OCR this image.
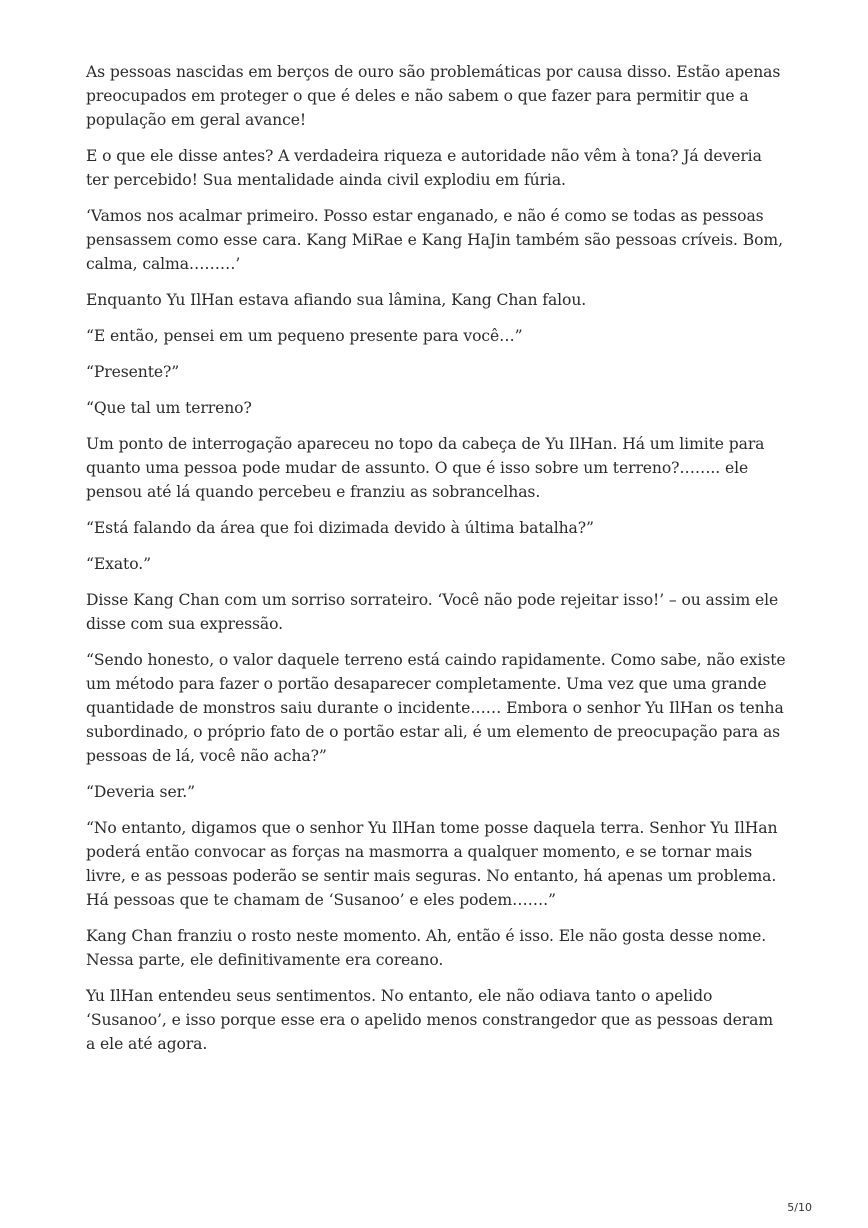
As pessoas nascidas em berços de ouro são problemáticas por causa disso. Estão apenas preocupados em proteger o que é deles e não sabem o que fazer para permitir que a população em geral avance!

E o que ele disse antes? A verdadeira riqueza e autoridade não vêm à tona? Já deveria ter percebido! Sua mentalidade ainda civil explodiu em fúria.

‘Vamos nos acalmar primeiro. Posso estar enganado, e não é como se todas as pessoas pensassem como esse cara. Kang MiRae e Kang HaJin também são pessoas críveis. Bom, calma, calma………’

Enquanto Yu IlHan estava afiando sua lâmina, Kang Chan falou.

“E então, pensei em um pequeno presente para você…”

“Presente?”

“Que tal um terreno?

Um ponto de interrogação apareceu no topo da cabeça de Yu IlHan. Há um limite para quanto uma pessoa pode mudar de assunto. O que é isso sobre um terreno?…….. ele pensou até lá quando percebeu e franziu as sobrancelhas.

“Está falando da área que foi dizimada devido à última batalha?”

“Exato.”

Disse Kang Chan com um sorriso sorrateiro. ‘Você não pode rejeitar isso!’ – ou assim ele disse com sua expressão.

“Sendo honesto, o valor daquele terreno está caindo rapidamente. Como sabe, não existe um método para fazer o portão desaparecer completamente. Uma vez que uma grande quantidade de monstros saiu durante o incidente…… Embora o senhor Yu IlHan os tenha subordinado, o próprio fato de o portão estar ali, é um elemento de preocupação para as pessoas de lá, você não acha?”

“Deveria ser.”

“No entanto, digamos que o senhor Yu IlHan tome posse daquela terra. Senhor Yu IlHan poderá então convocar as forças na masmorra a qualquer momento, e se tornar mais livre, e as pessoas poderão se sentir mais seguras. No entanto, há apenas um problema. Há pessoas que te chamam de ‘Susanoo’ e eles podem…….”

Kang Chan franziu o rosto neste momento. Ah, então é isso. Ele não gosta desse nome. Nessa parte, ele definitivamente era coreano.

Yu IlHan entendeu seus sentimentos. No entanto, ele não odiava tanto o apelido ‘Susanoo’, e isso porque esse era o apelido menos constrangedor que as pessoas deram a ele até agora.

5/10
